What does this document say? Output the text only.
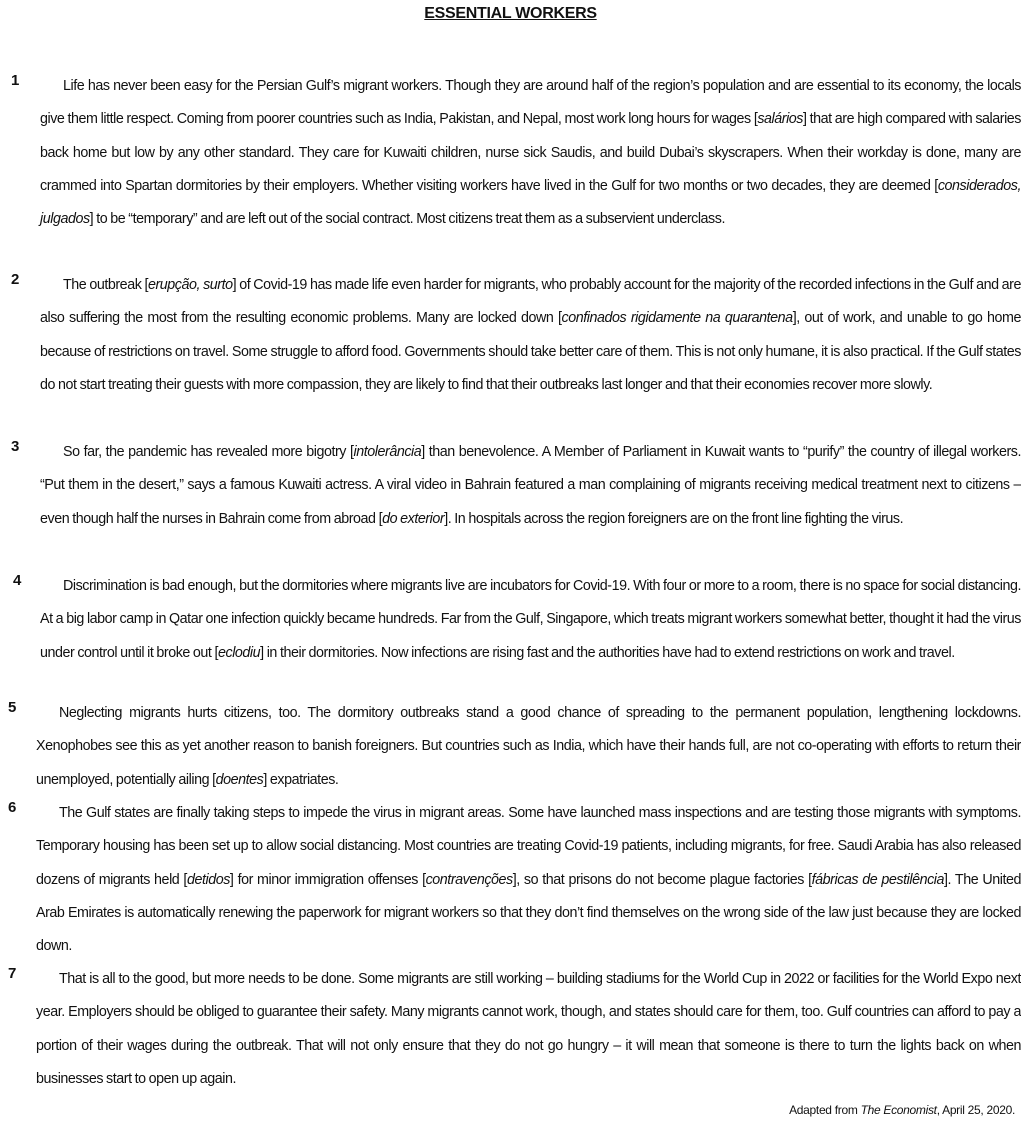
ESSENTIAL WORKERS
1	Life has never been easy for the Persian Gulf’s migrant workers. Though they are around half of the region’s population and are essential to its economy, the locals give them little respect. Coming from poorer countries such as India, Pakistan, and Nepal, most work long hours for wages [salários] that are high compared with salaries back home but low by any other standard. They care for Kuwaiti children, nurse sick Saudis, and build Dubai’s skyscrapers. When their workday is done, many are crammed into Spartan dormitories by their employers. Whether visiting workers have lived in the Gulf for two months or two decades, they are deemed [considerados, julgados] to be “temporary” and are left out of the social contract. Most citizens treat them as a subservient underclass.

2	The outbreak [erupção, surto] of Covid-19 has made life even harder for migrants, who probably account for the majority of the recorded infections in the Gulf and are also suffering the most from the resulting economic problems. Many are locked down [confinados rigidamente na quarantena], out of work, and unable to go home because of restrictions on travel. Some struggle to afford food. Governments should take better care of them. This is not only humane, it is also practical. If the Gulf states do not start treating their guests with more compassion, they are likely to find that their outbreaks last longer and that their economies recover more slowly.

3	So far, the pandemic has revealed more bigotry [intolerância] than benevolence. A Member of Parliament in Kuwait wants to “purify” the country of illegal workers. “Put them in the desert,” says a famous Kuwaiti actress. A viral video in Bahrain featured a man complaining of migrants receiving medical treatment next to citizens – even though half the nurses in Bahrain come from abroad [do exterior]. In hospitals across the region foreigners are on the front line fighting the virus.

4	Discrimination is bad enough, but the dormitories where migrants live are incubators for Covid-19. With four or more to a room, there is no space for social distancing. At a big labor camp in Qatar one infection quickly became hundreds. Far from the Gulf, Singapore, which treats migrant workers somewhat better, thought it had the virus under control until it broke out [eclodiu] in their dormitories. Now infections are rising fast and the authorities have had to extend restrictions on work and travel.

5	Neglecting migrants hurts citizens, too. The dormitory outbreaks stand a good chance of spreading to the permanent population, lengthening lockdowns. Xenophobes see this as yet another reason to banish foreigners. But countries such as India, which have their hands full, are not co-operating with efforts to return their unemployed, potentially ailing [doentes] expatriates.

6	The Gulf states are finally taking steps to impede the virus in migrant areas. Some have launched mass inspections and are testing those migrants with symptoms. Temporary housing has been set up to allow social distancing. Most countries are treating Covid-19 patients, including migrants, for free. Saudi Arabia has also released dozens of migrants held [detidos] for minor immigration offenses [contravenções], so that prisons do not become plague factories [fábricas de pestilência]. The United Arab Emirates is automatically renewing the paperwork for migrant workers so that they don’t find themselves on the wrong side of the law just because they are locked down.

7	That is all to the good, but more needs to be done. Some migrants are still working – building stadiums for the World Cup in 2022 or facilities for the World Expo next year. Employers should be obliged to guarantee their safety. Many migrants cannot work, though, and states should care for them, too. Gulf countries can afford to pay a portion of their wages during the outbreak. That will not only ensure that they do not go hungry – it will mean that someone is there to turn the lights back on when businesses start to open up again.

Adapted from The Economist, April 25, 2020.
